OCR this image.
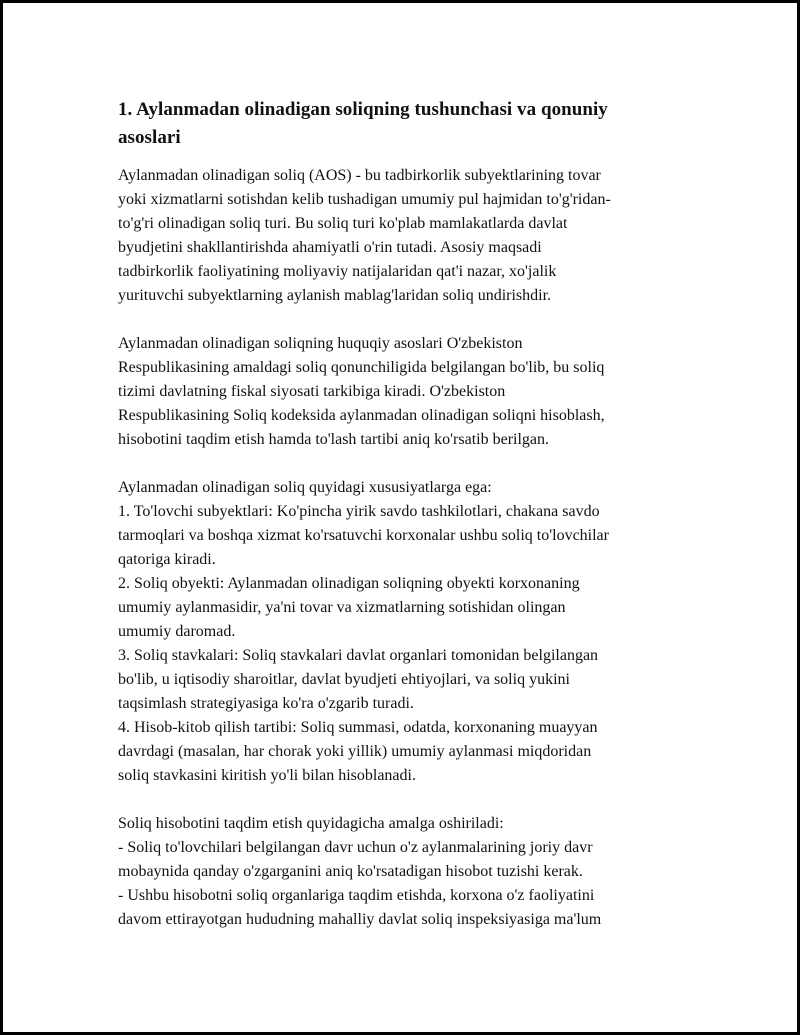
1. Aylanmadan olinadigan soliqning tushunchasi va qonuniy
asoslari
Aylanmadan olinadigan soliq (AOS) - bu tadbirkorlik subyektlarining tovar
yoki xizmatlarni sotishdan kelib tushadigan umumiy pul hajmidan to'g'ridan-
to'g'ri olinadigan soliq turi. Bu soliq turi ko'plab mamlakatlarda davlat
byudjetini shakllantirishda ahamiyatli o'rin tutadi. Asosiy maqsadi
tadbirkorlik faoliyatining moliyaviy natijalaridan qat'i nazar, xo'jalik
yurituvchi subyektlarning aylanish mablag'laridan soliq undirishdir.
Aylanmadan olinadigan soliqning huquqiy asoslari O'zbekiston
Respublikasining amaldagi soliq qonunchiligida belgilangan bo'lib, bu soliq
tizimi davlatning fiskal siyosati tarkibiga kiradi. O'zbekiston
Respublikasining Soliq kodeksida aylanmadan olinadigan soliqni hisoblash,
hisobotini taqdim etish hamda to'lash tartibi aniq ko'rsatib berilgan.
Aylanmadan olinadigan soliq quyidagi xususiyatlarga ega:
1. To'lovchi subyektlari: Ko'pincha yirik savdo tashkilotlari, chakana savdo
tarmoqlari va boshqa xizmat ko'rsatuvchi korxonalar ushbu soliq to'lovchilar
qatoriga kiradi.
2. Soliq obyekti: Aylanmadan olinadigan soliqning obyekti korxonaning
umumiy aylanmasidir, ya'ni tovar va xizmatlarning sotishidan olingan
umumiy daromad.
3. Soliq stavkalari: Soliq stavkalari davlat organlari tomonidan belgilangan
bo'lib, u iqtisodiy sharoitlar, davlat byudjeti ehtiyojlari, va soliq yukini
taqsimlash strategiyasiga ko'ra o'zgarib turadi.
4. Hisob-kitob qilish tartibi: Soliq summasi, odatda, korxonaning muayyan
davrdagi (masalan, har chorak yoki yillik) umumiy aylanmasi miqdoridan
soliq stavkasini kiritish yo'li bilan hisoblanadi.
Soliq hisobotini taqdim etish quyidagicha amalga oshiriladi:
- Soliq to'lovchilari belgilangan davr uchun o'z aylanmalarining joriy davr
mobaynida qanday o'zgarganini aniq ko'rsatadigan hisobot tuzishi kerak.
- Ushbu hisobotni soliq organlariga taqdim etishda, korxona o'z faoliyatini
davom ettirayotgan hududning mahalliy davlat soliq inspeksiyasiga ma'lum
